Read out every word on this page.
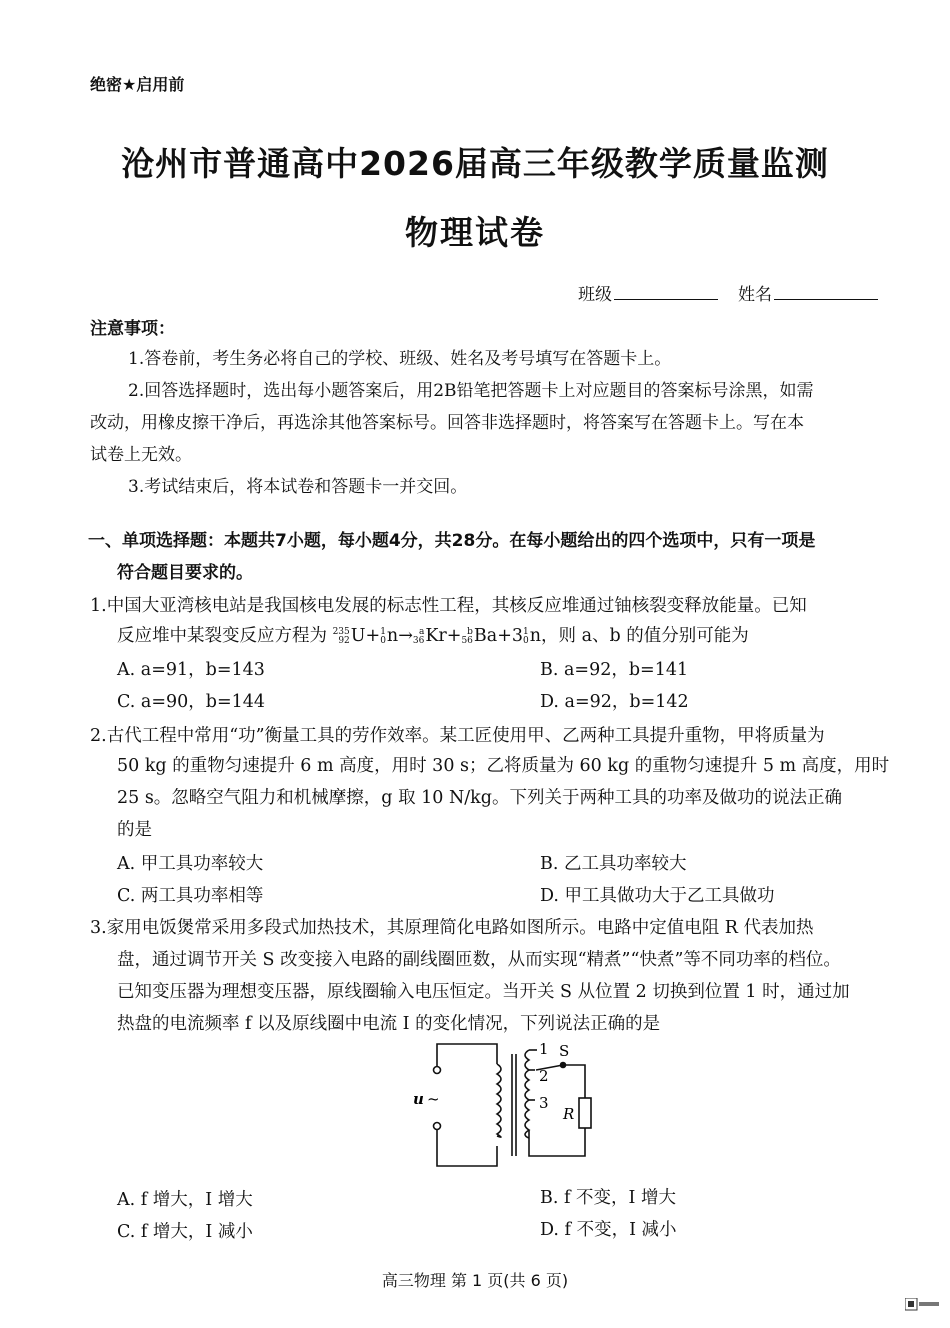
绝密★启用前
沧州市普通高中2026届高三年级教学质量监测
物理试卷
班级	姓名
注意事项：
1.答卷前，考生务必将自己的学校、班级、姓名及考号填写在答题卡上。
2.回答选择题时，选出每小题答案后，用2B铅笔把答题卡上对应题目的答案标号涂黑，如需
改动，用橡皮擦干净后，再选涂其他答案标号。回答非选择题时，将答案写在答题卡上。写在本
试卷上无效。
3.考试结束后，将本试卷和答题卡一并交回。
一、单项选择题：本题共7小题，每小题4分，共28分。在每小题给出的四个选项中，只有一项是
符合题目要求的。
1.中国大亚湾核电站是我国核电发展的标志性工程，其核反应堆通过铀核裂变释放能量。已知
反应堆中某裂变反应方程为 235
92 U+ 1
0 n→ a
36 Kr+ b
56 Ba+3 1
0 n，则 a、b 的值分别可能为
A. a=91，b=143	B. a=92，b=141
C. a=90，b=144	D. a=92，b=142
2.古代工程中常用“功”衡量工具的劳作效率。某工匠使用甲、乙两种工具提升重物，甲将质量为
50 kg 的重物匀速提升 6 m 高度，用时 30 s；乙将质量为 60 kg 的重物匀速提升 5 m 高度，用时
25 s。忽略空气阻力和机械摩擦，g 取 10 N/kg。下列关于两种工具的功率及做功的说法正确
的是
A. 甲工具功率较大	B. 乙工具功率较大
C. 两工具功率相等	D. 甲工具做功大于乙工具做功
3.家用电饭煲常采用多段式加热技术，其原理简化电路如图所示。电路中定值电阻 R 代表加热
盘，通过调节开关 S 改变接入电路的副线圈匝数，从而实现“精煮”“快煮”等不同功率的档位。
已知变压器为理想变压器，原线圈输入电压恒定。当开关 S 从位置 2 切换到位置 1 时，通过加
热盘的电流频率 f 以及原线圈中电流 I 的变化情况，下列说法正确的是
1
2
3
S
R
u ~
A. f 增大，I 增大	B. f 不变，I 增大
C. f 增大，I 减小	D. f 不变，I 减小
高三物理 第 1 页(共 6 页)
